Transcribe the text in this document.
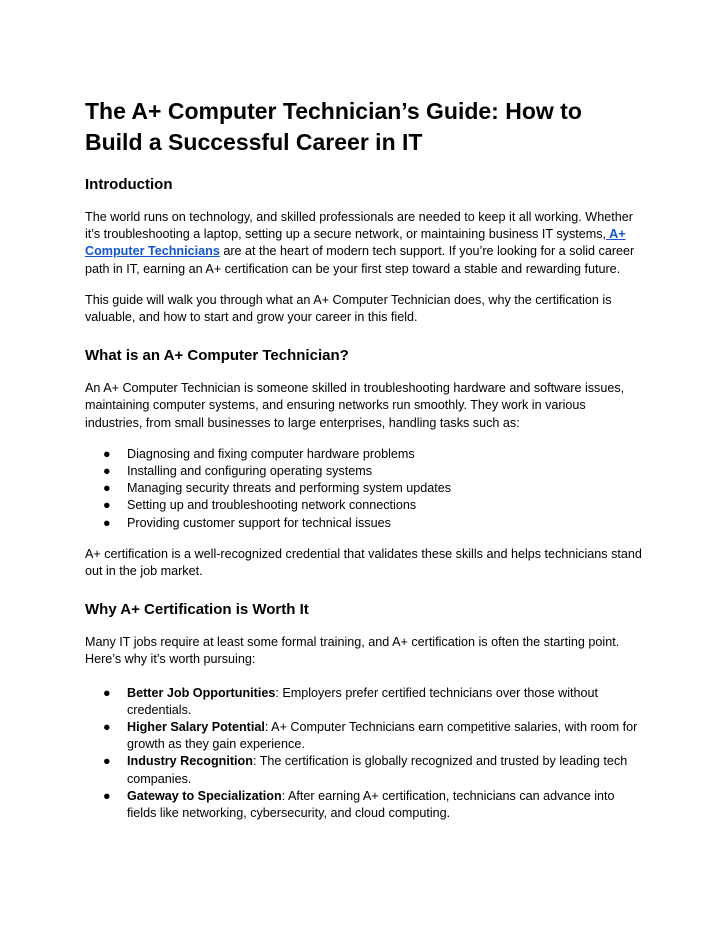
The A+ Computer Technician’s Guide: How to Build a Successful Career in IT
Introduction

The world runs on technology, and skilled professionals are needed to keep it all working. Whether it’s troubleshooting a laptop, setting up a secure network, or maintaining business IT systems, A+ Computer Technicians are at the heart of modern tech support. If you’re looking for a solid career path in IT, earning an A+ certification can be your first step toward a stable and rewarding future.

This guide will walk you through what an A+ Computer Technician does, why the certification is valuable, and how to start and grow your career in this field.

What is an A+ Computer Technician?

An A+ Computer Technician is someone skilled in troubleshooting hardware and software issues, maintaining computer systems, and ensuring networks run smoothly. They work in various industries, from small businesses to large enterprises, handling tasks such as:

● Diagnosing and fixing computer hardware problems
● Installing and configuring operating systems
● Managing security threats and performing system updates
● Setting up and troubleshooting network connections
● Providing customer support for technical issues

A+ certification is a well-recognized credential that validates these skills and helps technicians stand out in the job market.

Why A+ Certification is Worth It

Many IT jobs require at least some formal training, and A+ certification is often the starting point. Here’s why it’s worth pursuing:

● Better Job Opportunities: Employers prefer certified technicians over those without credentials.
● Higher Salary Potential: A+ Computer Technicians earn competitive salaries, with room for growth as they gain experience.
● Industry Recognition: The certification is globally recognized and trusted by leading tech companies.
● Gateway to Specialization: After earning A+ certification, technicians can advance into fields like networking, cybersecurity, and cloud computing.
